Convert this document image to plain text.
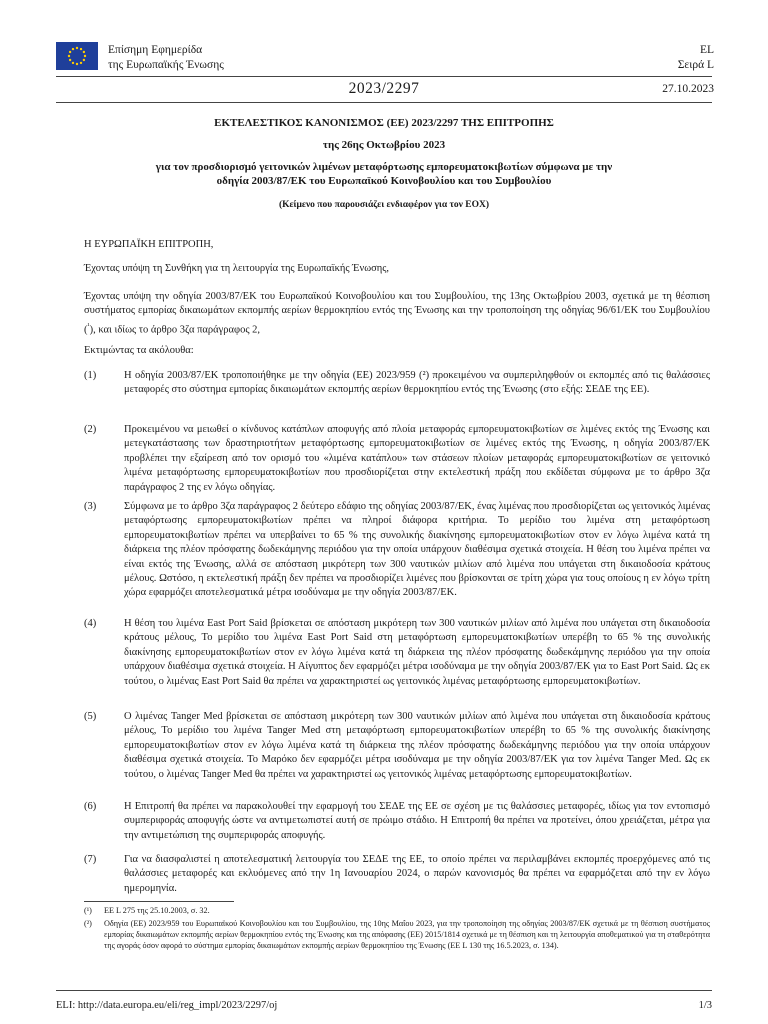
Επίσημη Εφημερίδα
της Ευρωπαϊκής Ένωσης
EL
Σειρά L
2023/2297	27.10.2023
ΕΚΤΕΛΕΣΤΙΚΟΣ ΚΑΝΟΝΙΣΜΟΣ (ΕΕ) 2023/2297 ΤΗΣ ΕΠΙΤΡΟΠΗΣ
της 26ης Οκτωβρίου 2023
για τον προσδιορισμό γειτονικών λιμένων μεταφόρτωσης εμπορευματοκιβωτίων σύμφωνα με την
οδηγία 2003/87/ΕΚ του Ευρωπαϊκού Κοινοβουλίου και του Συμβουλίου
(Κείμενο που παρουσιάζει ενδιαφέρον για τον ΕΟΧ)

Η ΕΥΡΩΠΑΪΚΗ ΕΠΙΤΡΟΠΗ,

Έχοντας υπόψη τη Συνθήκη για τη λειτουργία της Ευρωπαϊκής Ένωσης,

Έχοντας υπόψη την οδηγία 2003/87/ΕΚ του Ευρωπαϊκού Κοινοβουλίου και του Συμβουλίου, της 13ης Οκτωβρίου 2003, σχετικά με τη θέσπιση συστήματος εμπορίας δικαιωμάτων εκπομπής αερίων θερμοκηπίου εντός της Ένωσης και την τροποποίηση της οδηγίας 96/61/ΕΚ του Συμβουλίου ($^{^1}$), και ιδίως το άρθρο 3ζα παράγραφος 2,

Εκτιμώντας τα ακόλουθα:

(1)	Η οδηγία 2003/87/ΕΚ τροποποιήθηκε με την οδηγία (ΕΕ) 2023/959 (²) προκειμένου να συμπεριληφθούν οι εκπομπές από τις θαλάσσιες μεταφορές στο σύστημα εμπορίας δικαιωμάτων εκπομπής αερίων θερμοκηπίου εντός της Ένωσης (στο εξής: ΣΕΔΕ της ΕΕ).
(2)	Προκειμένου να μειωθεί ο κίνδυνος κατάπλων αποφυγής από πλοία μεταφοράς εμπορευματοκιβωτίων σε λιμένες εκτός της Ένωσης και μετεγκατάστασης των δραστηριοτήτων μεταφόρτωσης εμπορευματοκιβωτίων σε λιμένες εκτός της Ένωσης, η οδηγία 2003/87/ΕΚ προβλέπει την εξαίρεση από τον ορισμό του «λιμένα κατάπλου» των στάσεων πλοίων μεταφοράς εμπορευματοκιβωτίων σε γειτονικό λιμένα μεταφόρτωσης εμπορευματοκιβωτίων που προσδιορίζεται στην εκτελεστική πράξη που εκδίδεται σύμφωνα με το άρθρο 3ζα παράγραφος 2 της εν λόγω οδηγίας.
(3)	Σύμφωνα με το άρθρο 3ζα παράγραφος 2 δεύτερο εδάφιο της οδηγίας 2003/87/ΕΚ, ένας λιμένας που προσδιορίζεται ως γειτονικός λιμένας μεταφόρτωσης εμπορευματοκιβωτίων πρέπει να πληροί διάφορα κριτήρια. Το μερίδιο του λιμένα στη μεταφόρτωση εμπορευματοκιβωτίων πρέπει να υπερβαίνει το 65 % της συνολικής διακίνησης εμπορευματοκιβωτίων στον εν λόγω λιμένα κατά τη διάρκεια της πλέον πρόσφατης δωδεκάμηνης περιόδου για την οποία υπάρχουν διαθέσιμα σχετικά στοιχεία. Η θέση του λιμένα πρέπει να είναι εκτός της Ένωσης, αλλά σε απόσταση μικρότερη των 300 ναυτικών μιλίων από λιμένα που υπάγεται στη δικαιοδοσία κράτους μέλους. Ωστόσο, η εκτελεστική πράξη δεν πρέπει να προσδιορίζει λιμένες που βρίσκονται σε τρίτη χώρα για τους οποίους η εν λόγω τρίτη χώρα εφαρμόζει αποτελεσματικά μέτρα ισοδύναμα με την οδηγία 2003/87/ΕΚ.
(4)	Η θέση του λιμένα East Port Said βρίσκεται σε απόσταση μικρότερη των 300 ναυτικών μιλίων από λιμένα που υπάγεται στη δικαιοδοσία κράτους μέλους, Το μερίδιο του λιμένα East Port Said στη μεταφόρτωση εμπορευματοκιβωτίων υπερέβη το 65 % της συνολικής διακίνησης εμπορευματοκιβωτίων στον εν λόγω λιμένα κατά τη διάρκεια της πλέον πρόσφατης δωδεκάμηνης περιόδου για την οποία υπάρχουν διαθέσιμα σχετικά στοιχεία. Η Αίγυπτος δεν εφαρμόζει μέτρα ισοδύναμα με την οδηγία 2003/87/ΕΚ για το East Port Said. Ως εκ τούτου, ο λιμένας East Port Said θα πρέπει να χαρακτηριστεί ως γειτονικός λιμένας μεταφόρτωσης εμπορευματοκιβωτίων.
(5)	Ο λιμένας Tanger Med βρίσκεται σε απόσταση μικρότερη των 300 ναυτικών μιλίων από λιμένα που υπάγεται στη δικαιοδοσία κράτους μέλους, Το μερίδιο του λιμένα Tanger Med στη μεταφόρτωση εμπορευματοκιβωτίων υπερέβη το 65 % της συνολικής διακίνησης εμπορευματοκιβωτίων στον εν λόγω λιμένα κατά τη διάρκεια της πλέον πρόσφατης δωδεκάμηνης περιόδου για την οποία υπάρχουν διαθέσιμα σχετικά στοιχεία. Το Μαρόκο δεν εφαρμόζει μέτρα ισοδύναμα με την οδηγία 2003/87/ΕΚ για τον λιμένα Tanger Med. Ως εκ τούτου, ο λιμένας Tanger Med θα πρέπει να χαρακτηριστεί ως γειτονικός λιμένας μεταφόρτωσης εμπορευματοκιβωτίων.
(6)	Η Επιτροπή θα πρέπει να παρακολουθεί την εφαρμογή του ΣΕΔΕ της ΕΕ σε σχέση με τις θαλάσσιες μεταφορές, ιδίως για τον εντοπισμό συμπεριφοράς αποφυγής ώστε να αντιμετωπιστεί αυτή σε πρώιμο στάδιο. Η Επιτροπή θα πρέπει να προτείνει, όπου χρειάζεται, μέτρα για την αντιμετώπιση της συμπεριφοράς αποφυγής.
(7)	Για να διασφαλιστεί η αποτελεσματική λειτουργία του ΣΕΔΕ της ΕΕ, το οποίο πρέπει να περιλαμβάνει εκπομπές προερχόμενες από τις θαλάσσιες μεταφορές και εκλυόμενες από την 1η Ιανουαρίου 2024, ο παρών κανονισμός θα πρέπει να εφαρμόζεται από την εν λόγω ημερομηνία.
(¹) ΕΕ L 275 της 25.10.2003, σ. 32.
(²) Οδηγία (ΕΕ) 2023/959 του Ευρωπαϊκού Κοινοβουλίου και του Συμβουλίου, της 10ης Μαΐου 2023, για την τροποποίηση της οδηγίας 2003/87/ΕΚ σχετικά με τη θέσπιση συστήματος εμπορίας δικαιωμάτων εκπομπής αερίων θερμοκηπίου εντός της Ένωσης και της απόφασης (ΕΕ) 2015/1814 σχετικά με τη θέσπιση και τη λειτουργία αποθεματικού για τη σταθερότητα της αγοράς όσον αφορά το σύστημα εμπορίας δικαιωμάτων εκπομπής αερίων θερμοκηπίου της Ένωσης (ΕΕ L 130 της 16.5.2023, σ. 134).
ELI: http://data.europa.eu/eli/reg_impl/2023/2297/oj	1/3
